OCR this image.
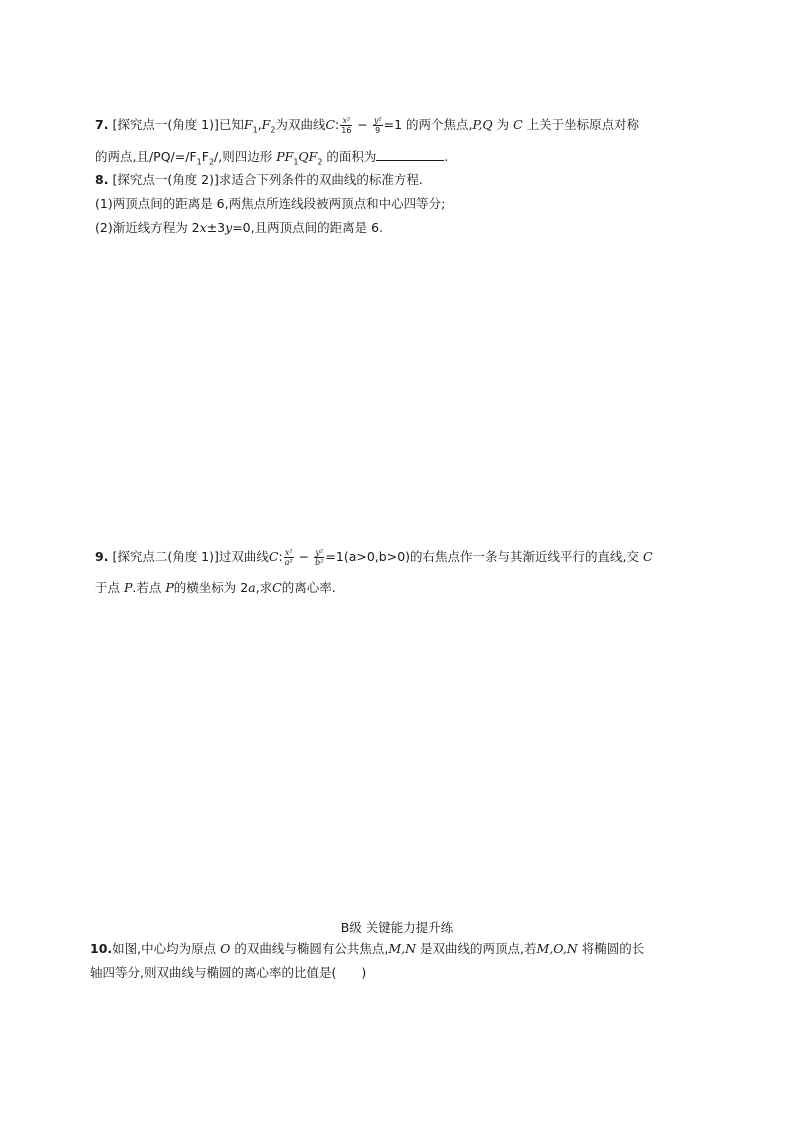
7. [探究点一(角度 1)]已知$F_1,F_2$为双曲线C: $\frac{\text{x²}}{16} - \frac{\text{y²}}{9} =1$ 的两个焦点,P,Q 为 C 上关于坐标原点对称
的两点,且$/PQ/=/F_1F_2/$,则四边形 $PF_1QF_2$ 的面积为	.
8. [探究点一(角度 2)]求适合下列条件的双曲线的标准方程.
(1)两顶点间的距离是 6,两焦点所连线段被两顶点和中心四等分;
(2)渐近线方程为 2x±3y=0,且两顶点间的距离是 6.
9. [探究点二(角度 1)]过双曲线C: $\frac{\text{x²}}{\text{a²}} - \frac{\text{y²}}{\text{b²}} =1(a>0,b>0)$的右焦点作一条与其渐近线平行的直线,交 C
于点 P.若点 P的横坐标为 2a,求C的离心率.
B级 关键能力提升练
10.如图,中心均为原点 O 的双曲线与椭圆有公共焦点,M,N 是双曲线的两顶点,若M,O,N 将椭圆的长
轴四等分,则双曲线与椭圆的离心率的比值是(　　)
